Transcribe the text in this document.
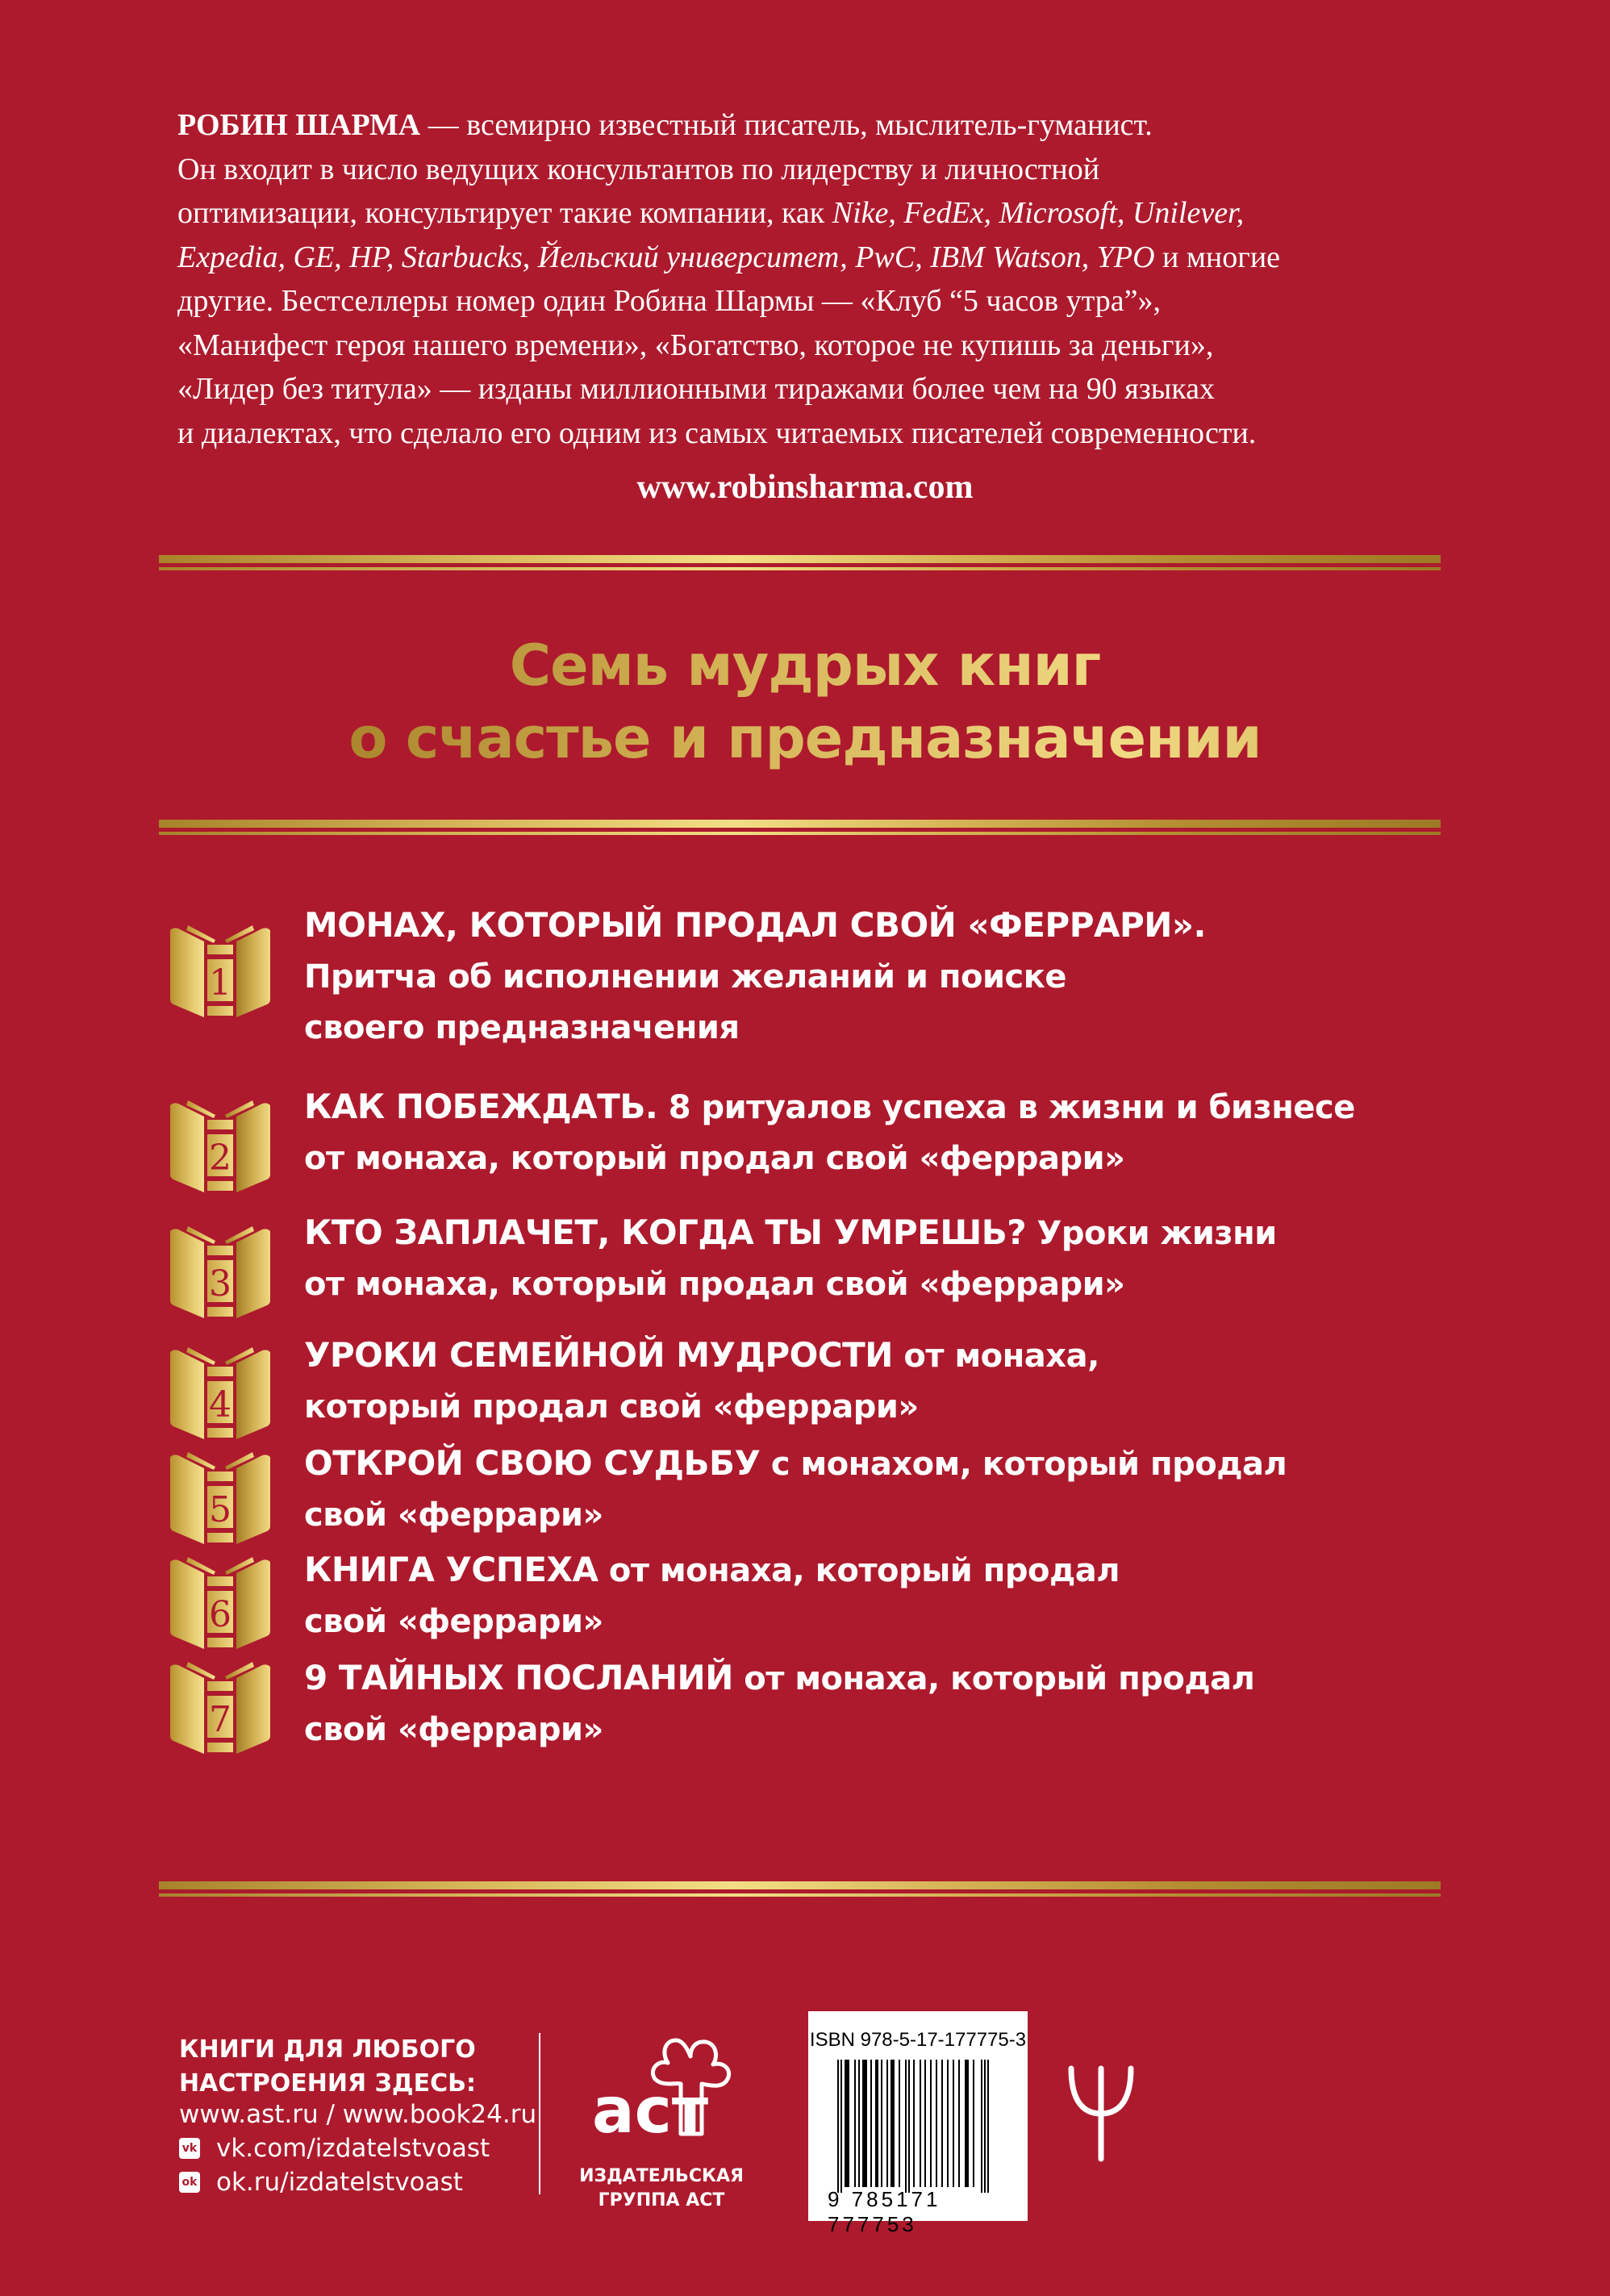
РОБИН ШАРМА — всемирно известный писатель, мыслитель-гуманист.
Он входит в число ведущих консультантов по лидерству и личностной
оптимизации, консультирует такие компании, как Nike, FedEx, Microsoft, Unilever,
Expedia, GE, HP, Starbucks, Йельский университет, PwC, IBM Watson, YPO и многие
другие. Бестселлеры номер один Робина Шармы — «Клуб “5 часов утра”»,
«Манифест героя нашего времени», «Богатство, которое не купишь за деньги»,
«Лидер без титула» — изданы миллионными тиражами более чем на 90 языках
и диалектах, что сделало его одним из самых читаемых писателей современности.
www.robinsharma.com
Семь мудрых книг
о счастье и предназначении
1
МОНАХ, КОТОРЫЙ ПРОДАЛ СВОЙ «ФЕРРАРИ».
Притча об исполнении желаний и поиске
своего предназначения
2
КАК ПОБЕЖДАТЬ. 8 ритуалов успеха в жизни и бизнесе
от монаха, который продал свой «феррари»
3
КТО ЗАПЛАЧЕТ, КОГДА ТЫ УМРЕШЬ? Уроки жизни
от монаха, который продал свой «феррари»
4
УРОКИ СЕМЕЙНОЙ МУДРОСТИ от монаха,
который продал свой «феррари»
5
ОТКРОЙ СВОЮ СУДЬБУ с монахом, который продал
свой «феррари»
6
КНИГА УСПЕХА от монаха, который продал
свой «феррари»
7
9 ТАЙНЫХ ПОСЛАНИЙ от монаха, который продал
свой «феррари»
КНИГИ ДЛЯ ЛЮБОГО
НАСТРОЕНИЯ ЗДЕСЬ:
www.ast.ru / www.book24.ru
vk vk.com/izdatelstvoast
ok ok.ru/izdatelstvoast
аст
ИЗДАТЕЛЬСКАЯ
ГРУППА АСТ
ISBN 978-5-17-177775-3
9 785171 777753
